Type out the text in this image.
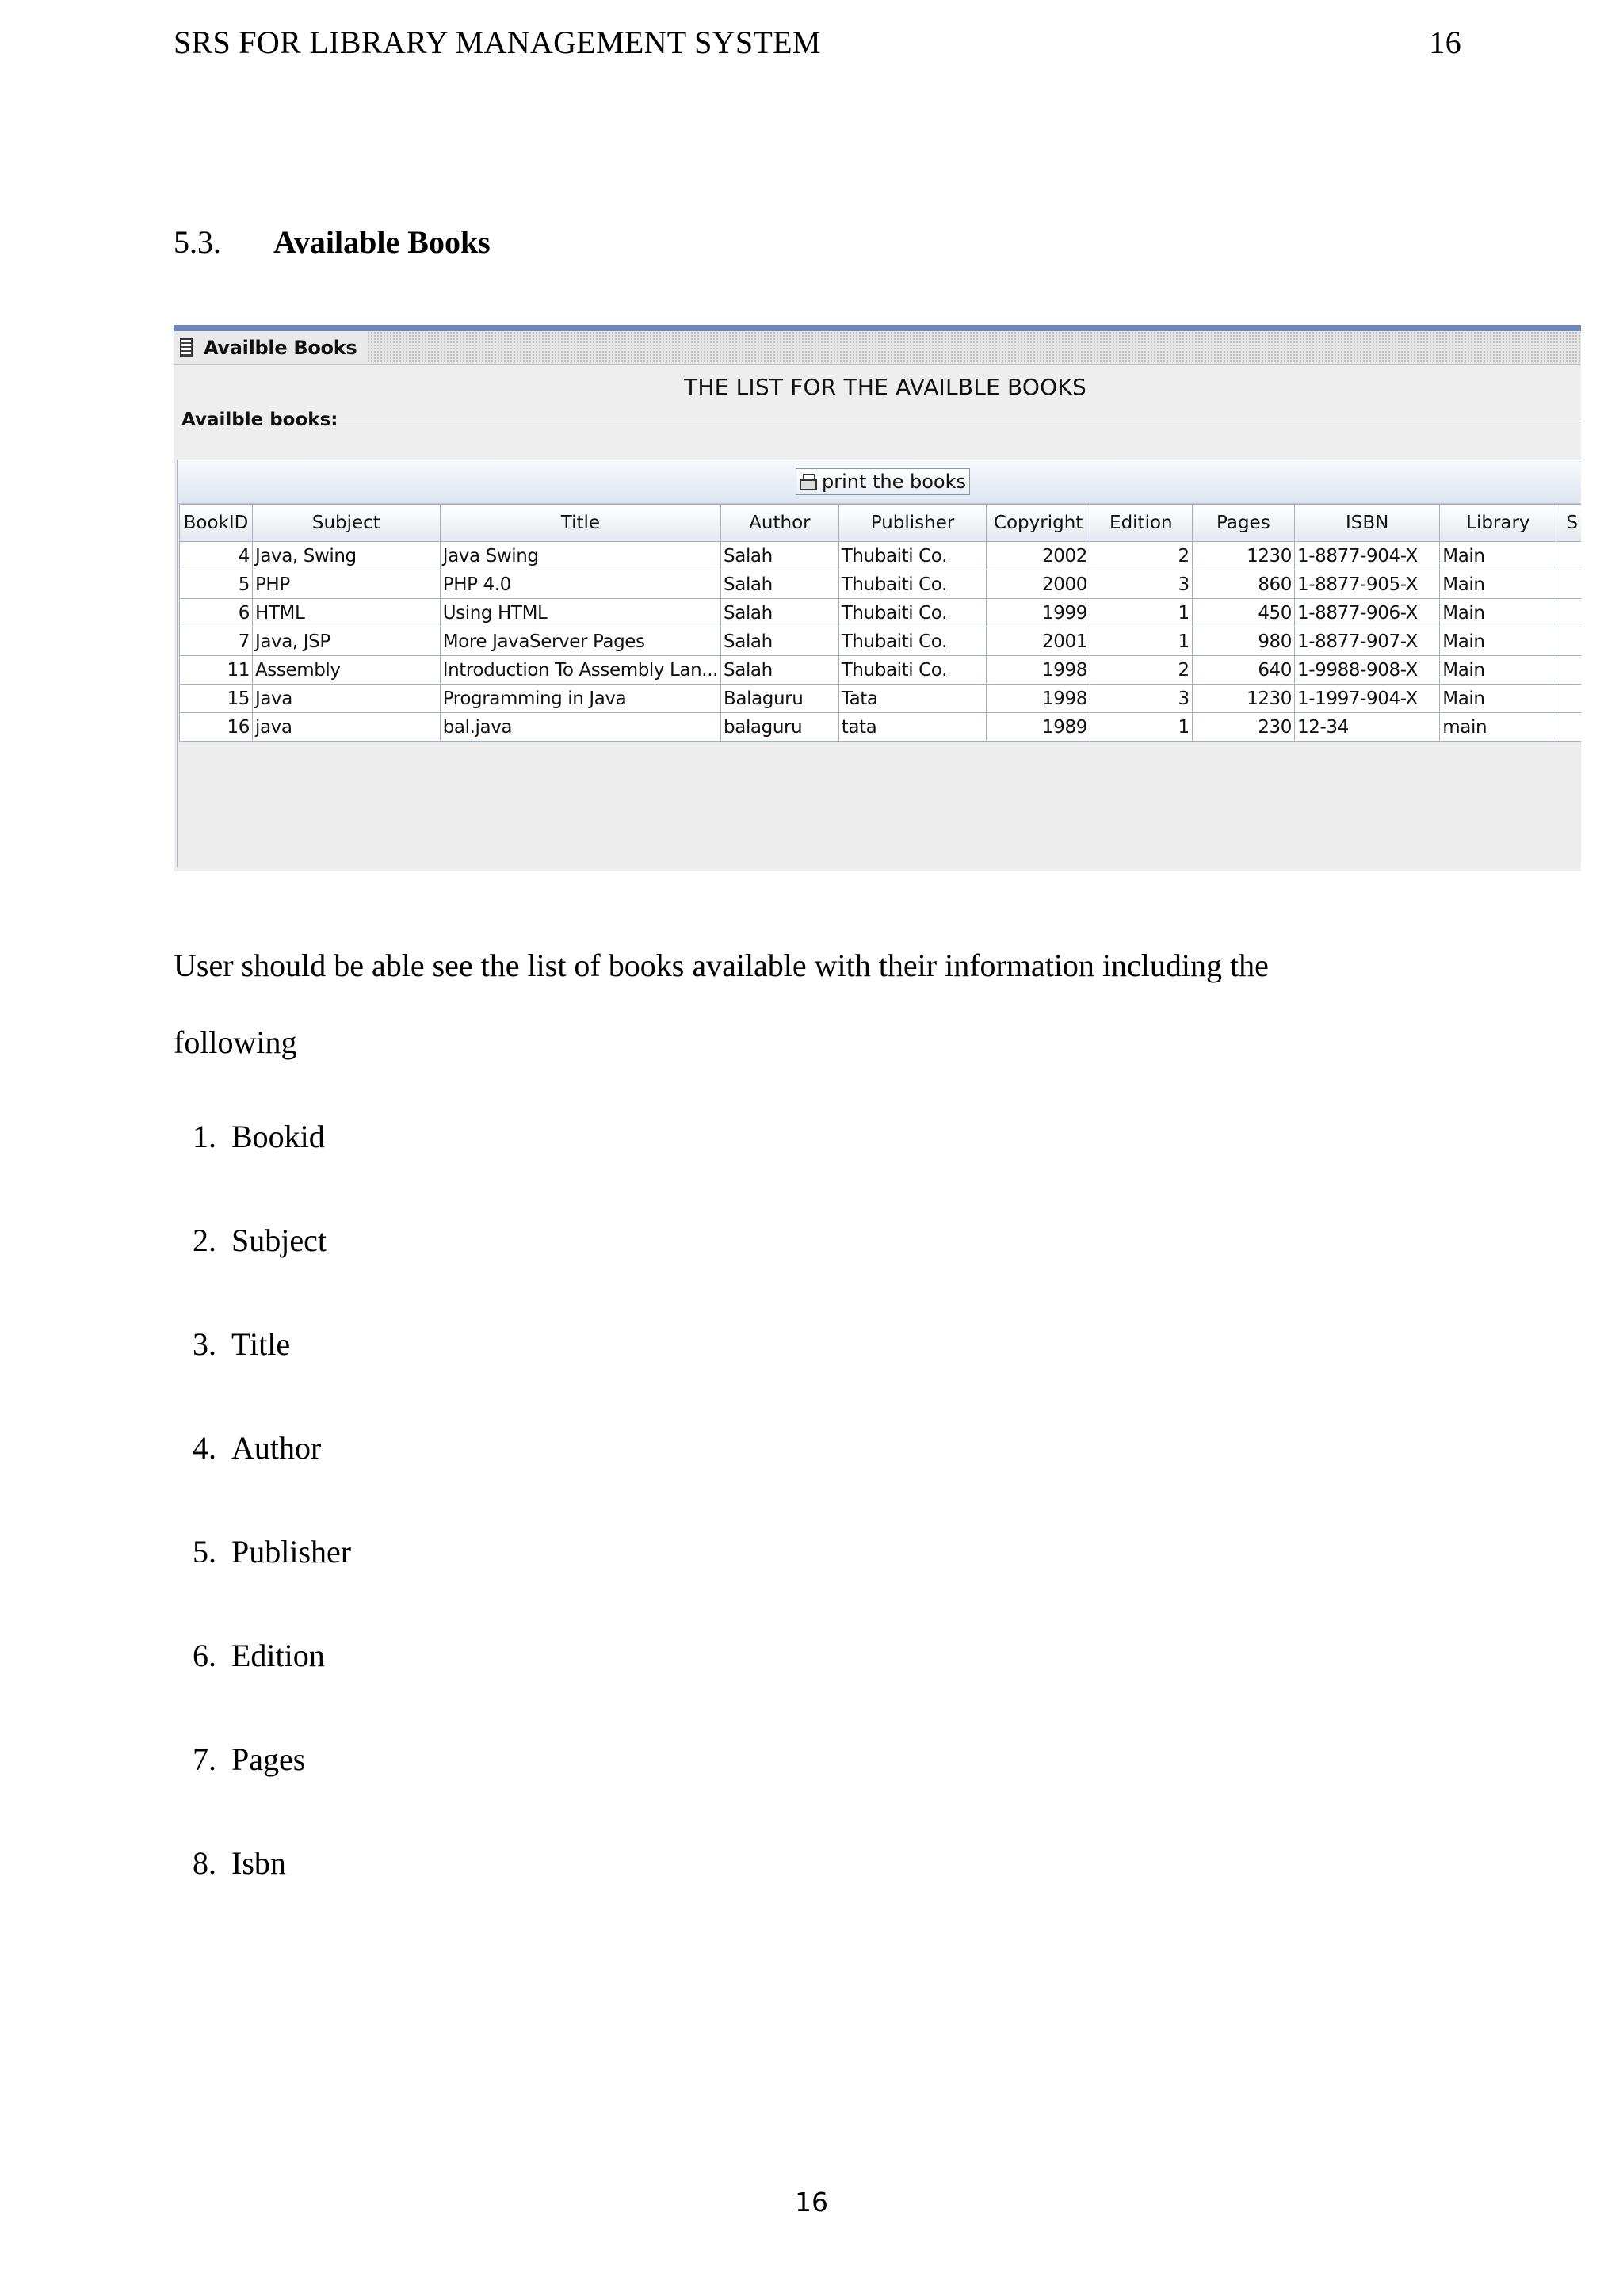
SRS FOR LIBRARY MANAGEMENT SYSTEM	16
5.3. Available Books
Availble Books
THE LIST FOR THE AVAILBLE BOOKS
Availble books:
print the books
BookID	Subject	Title	Author	Publisher	Copyright	Edition	Pages	ISBN	Library	S
4	Java, Swing	Java Swing	Salah	Thubaiti Co.	2002	2	1230	1-8877-904-X	Main	
5	PHP	PHP 4.0	Salah	Thubaiti Co.	2000	3	860	1-8877-905-X	Main	
6	HTML	Using HTML	Salah	Thubaiti Co.	1999	1	450	1-8877-906-X	Main	
7	Java, JSP	More JavaServer Pages	Salah	Thubaiti Co.	2001	1	980	1-8877-907-X	Main	
11	Assembly	Introduction To Assembly Lan...	Salah	Thubaiti Co.	1998	2	640	1-9988-908-X	Main	
15	Java	Programming in Java	Balaguru	Tata	1998	3	1230	1-1997-904-X	Main	
16	java	bal.java	balaguru	tata	1989	1	230	12-34	main	

User should be able see the list of books available with their information including the

following

1. Bookid
2. Subject
3. Title
4. Author
5. Publisher
6. Edition
7. Pages
8. Isbn
16
